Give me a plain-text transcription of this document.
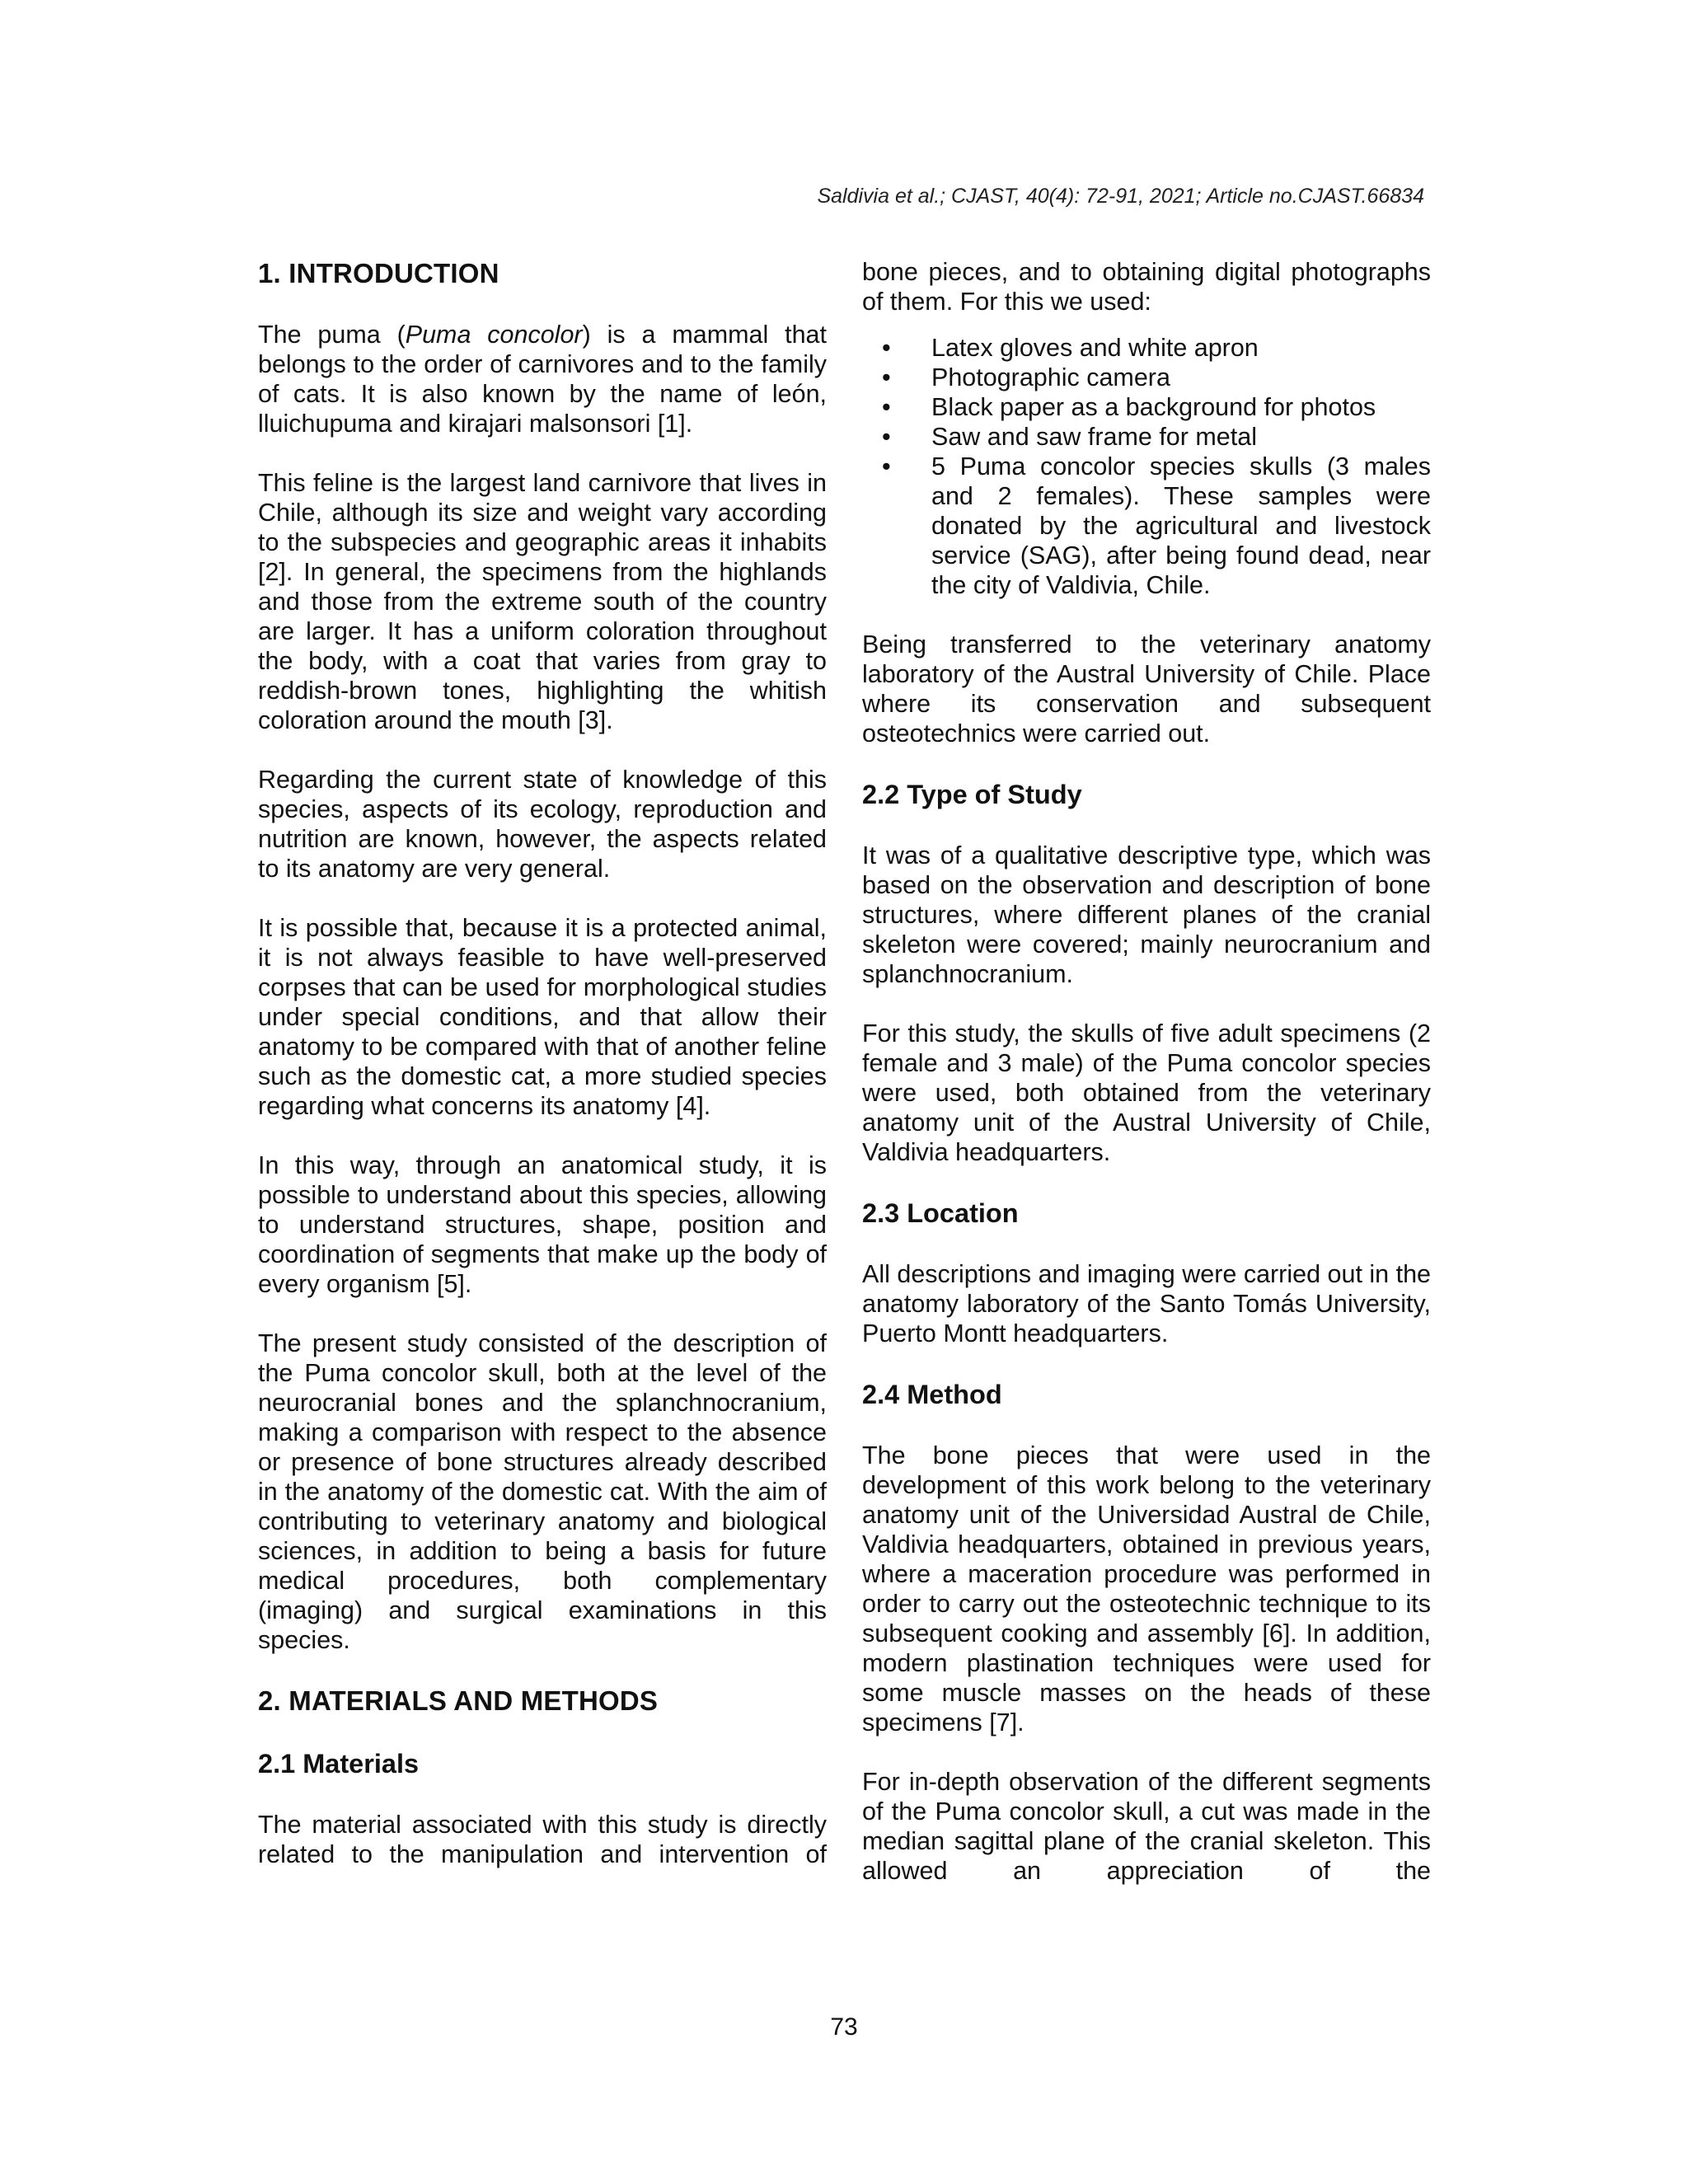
Saldivia et al.; CJAST, 40(4): 72-91, 2021; Article no.CJAST.66834
1. INTRODUCTION

The puma (Puma concolor) is a mammal that belongs to the order of carnivores and to the family of cats. It is also known by the name of león, lluichupuma and kirajari malsonsori [1].

This feline is the largest land carnivore that lives in Chile, although its size and weight vary according to the subspecies and geographic areas it inhabits [2]. In general, the specimens from the highlands and those from the extreme south of the country are larger. It has a uniform coloration throughout the body, with a coat that varies from gray to reddish-brown tones, highlighting the whitish coloration around the mouth [3].

Regarding the current state of knowledge of this species, aspects of its ecology, reproduction and nutrition are known, however, the aspects related to its anatomy are very general.

It is possible that, because it is a protected animal, it is not always feasible to have well-preserved corpses that can be used for morphological studies under special conditions, and that allow their anatomy to be compared with that of another feline such as the domestic cat, a more studied species regarding what concerns its anatomy [4].

In this way, through an anatomical study, it is possible to understand about this species, allowing to understand structures, shape, position and coordination of segments that make up the body of every organism [5].

The present study consisted of the description of the Puma concolor skull, both at the level of the neurocranial bones and the splanchnocranium, making a comparison with respect to the absence or presence of bone structures already described in the anatomy of the domestic cat. With the aim of contributing to veterinary anatomy and biological sciences, in addition to being a basis for future medical procedures, both complementary (imaging) and surgical examinations in this species.

2. MATERIALS AND METHODS
2.1 Materials

The material associated with this study is directly related to the manipulation and intervention of

bone pieces, and to obtaining digital photographs of them. For this we used:

• Latex gloves and white apron
• Photographic camera
• Black paper as a background for photos
• Saw and saw frame for metal
• 5 Puma concolor species skulls (3 males and 2 females). These samples were donated by the agricultural and livestock service (SAG), after being found dead, near the city of Valdivia, Chile.

Being transferred to the veterinary anatomy laboratory of the Austral University of Chile. Place where its conservation and subsequent osteotechnics were carried out.

2.2 Type of Study

It was of a qualitative descriptive type, which was based on the observation and description of bone structures, where different planes of the cranial skeleton were covered; mainly neurocranium and splanchnocranium.

For this study, the skulls of five adult specimens (2 female and 3 male) of the Puma concolor species were used, both obtained from the veterinary anatomy unit of the Austral University of Chile, Valdivia headquarters.

2.3 Location

All descriptions and imaging were carried out in the anatomy laboratory of the Santo Tomás University, Puerto Montt headquarters.

2.4 Method

The bone pieces that were used in the development of this work belong to the veterinary anatomy unit of the Universidad Austral de Chile, Valdivia headquarters, obtained in previous years, where a maceration procedure was performed in order to carry out the osteotechnic technique to its subsequent cooking and assembly [6]. In addition, modern plastination techniques were used for some muscle masses on the heads of these specimens [7].

For in-depth observation of the different segments of the Puma concolor skull, a cut was made in the median sagittal plane of the cranial skeleton. This allowed an appreciation of the

73
